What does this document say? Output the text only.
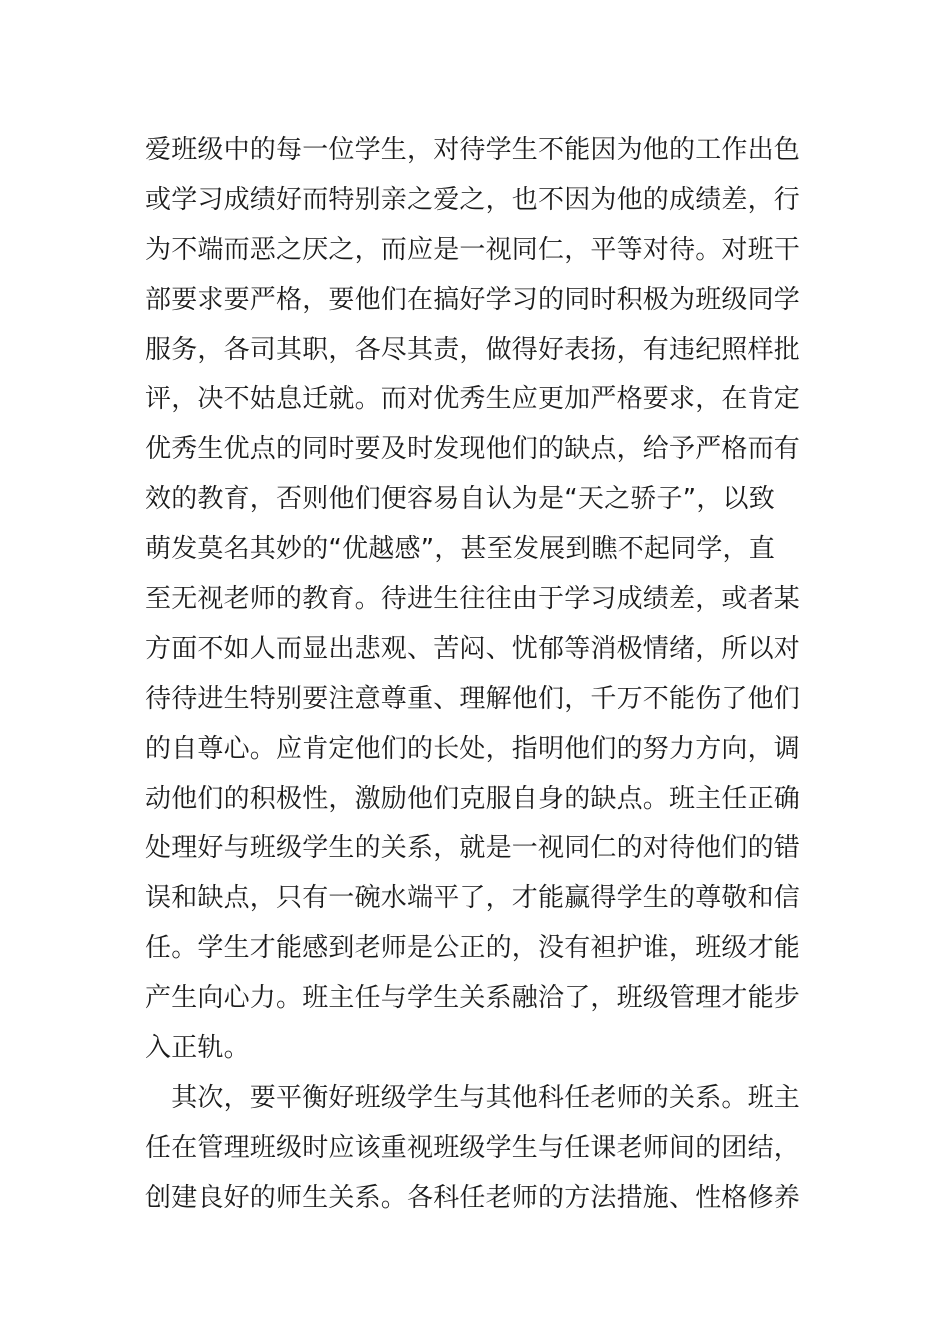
爱班级中的每一位学生，对待学生不能因为他的工作出色
或学习成绩好而特别亲之爱之，也不因为他的成绩差，行
为不端而恶之厌之，而应是一视同仁，平等对待。对班干
部要求要严格，要他们在搞好学习的同时积极为班级同学
服务，各司其职，各尽其责，做得好表扬，有违纪照样批
评，决不姑息迁就。而对优秀生应更加严格要求，在肯定
优秀生优点的同时要及时发现他们的缺点，给予严格而有
效的教育，否则他们便容易自认为是“天之骄子”，以致
萌发莫名其妙的“优越感”，甚至发展到瞧不起同学，直
至无视老师的教育。待进生往往由于学习成绩差，或者某
方面不如人而显出悲观、苦闷、忧郁等消极情绪，所以对
待待进生特别要注意尊重、理解他们，千万不能伤了他们
的自尊心。应肯定他们的长处，指明他们的努力方向，调
动他们的积极性，激励他们克服自身的缺点。班主任正确
处理好与班级学生的关系，就是一视同仁的对待他们的错
误和缺点，只有一碗水端平了，才能赢得学生的尊敬和信
任。学生才能感到老师是公正的，没有袒护谁，班级才能
产生向心力。班主任与学生关系融洽了，班级管理才能步
入正轨。
　其次，要平衡好班级学生与其他科任老师的关系。班主
任在管理班级时应该重视班级学生与任课老师间的团结，
创建良好的师生关系。各科任老师的方法措施、性格修养
